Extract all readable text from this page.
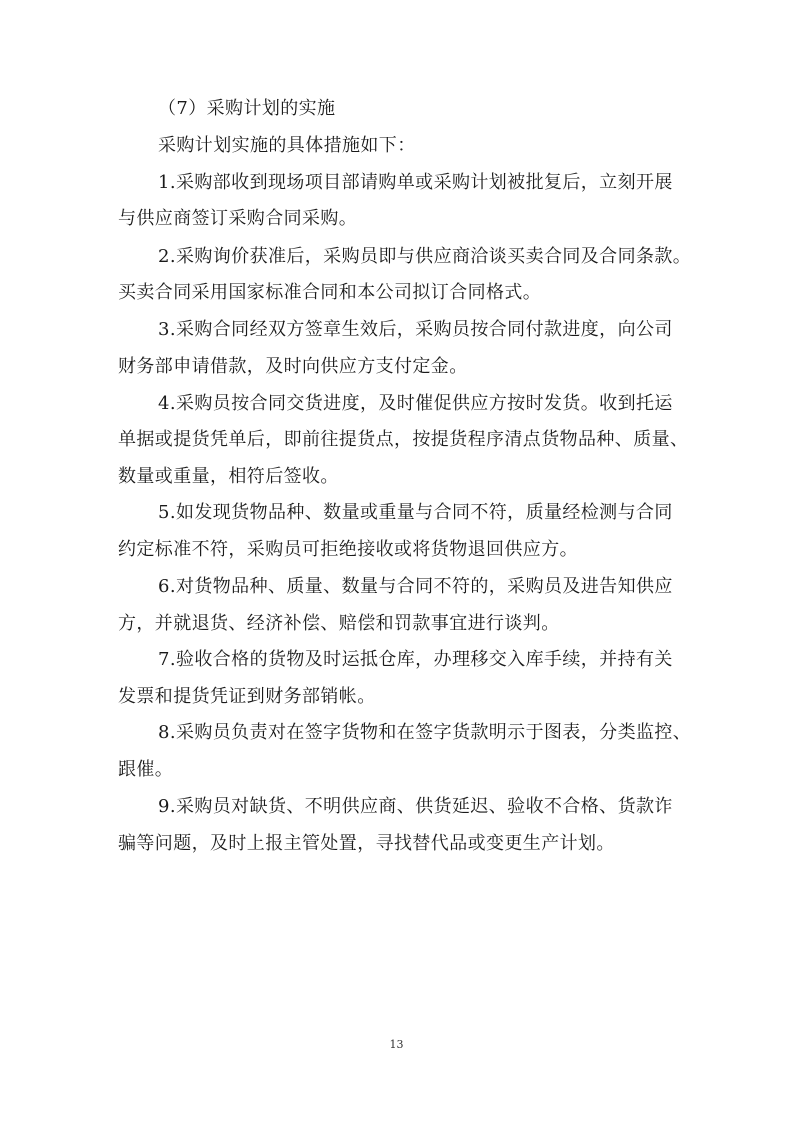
（7）采购计划的实施
采购计划实施的具体措施如下：
1.采购部收到现场项目部请购单或采购计划被批复后，立刻开展
与供应商签订采购合同采购。
2.采购询价获准后，采购员即与供应商洽谈买卖合同及合同条款。
买卖合同采用国家标准合同和本公司拟订合同格式。
3.采购合同经双方签章生效后，采购员按合同付款进度，向公司
财务部申请借款，及时向供应方支付定金。
4.采购员按合同交货进度，及时催促供应方按时发货。收到托运
单据或提货凭单后，即前往提货点，按提货程序清点货物品种、质量、
数量或重量，相符后签收。
5.如发现货物品种、数量或重量与合同不符，质量经检测与合同
约定标准不符，采购员可拒绝接收或将货物退回供应方。
6.对货物品种、质量、数量与合同不符的，采购员及进告知供应
方，并就退货、经济补偿、赔偿和罚款事宜进行谈判。
7.验收合格的货物及时运抵仓库，办理移交入库手续，并持有关
发票和提货凭证到财务部销帐。
8.采购员负责对在签字货物和在签字货款明示于图表，分类监控、
跟催。
9.采购员对缺货、不明供应商、供货延迟、验收不合格、货款诈
骗等问题，及时上报主管处置，寻找替代品或变更生产计划。
13
